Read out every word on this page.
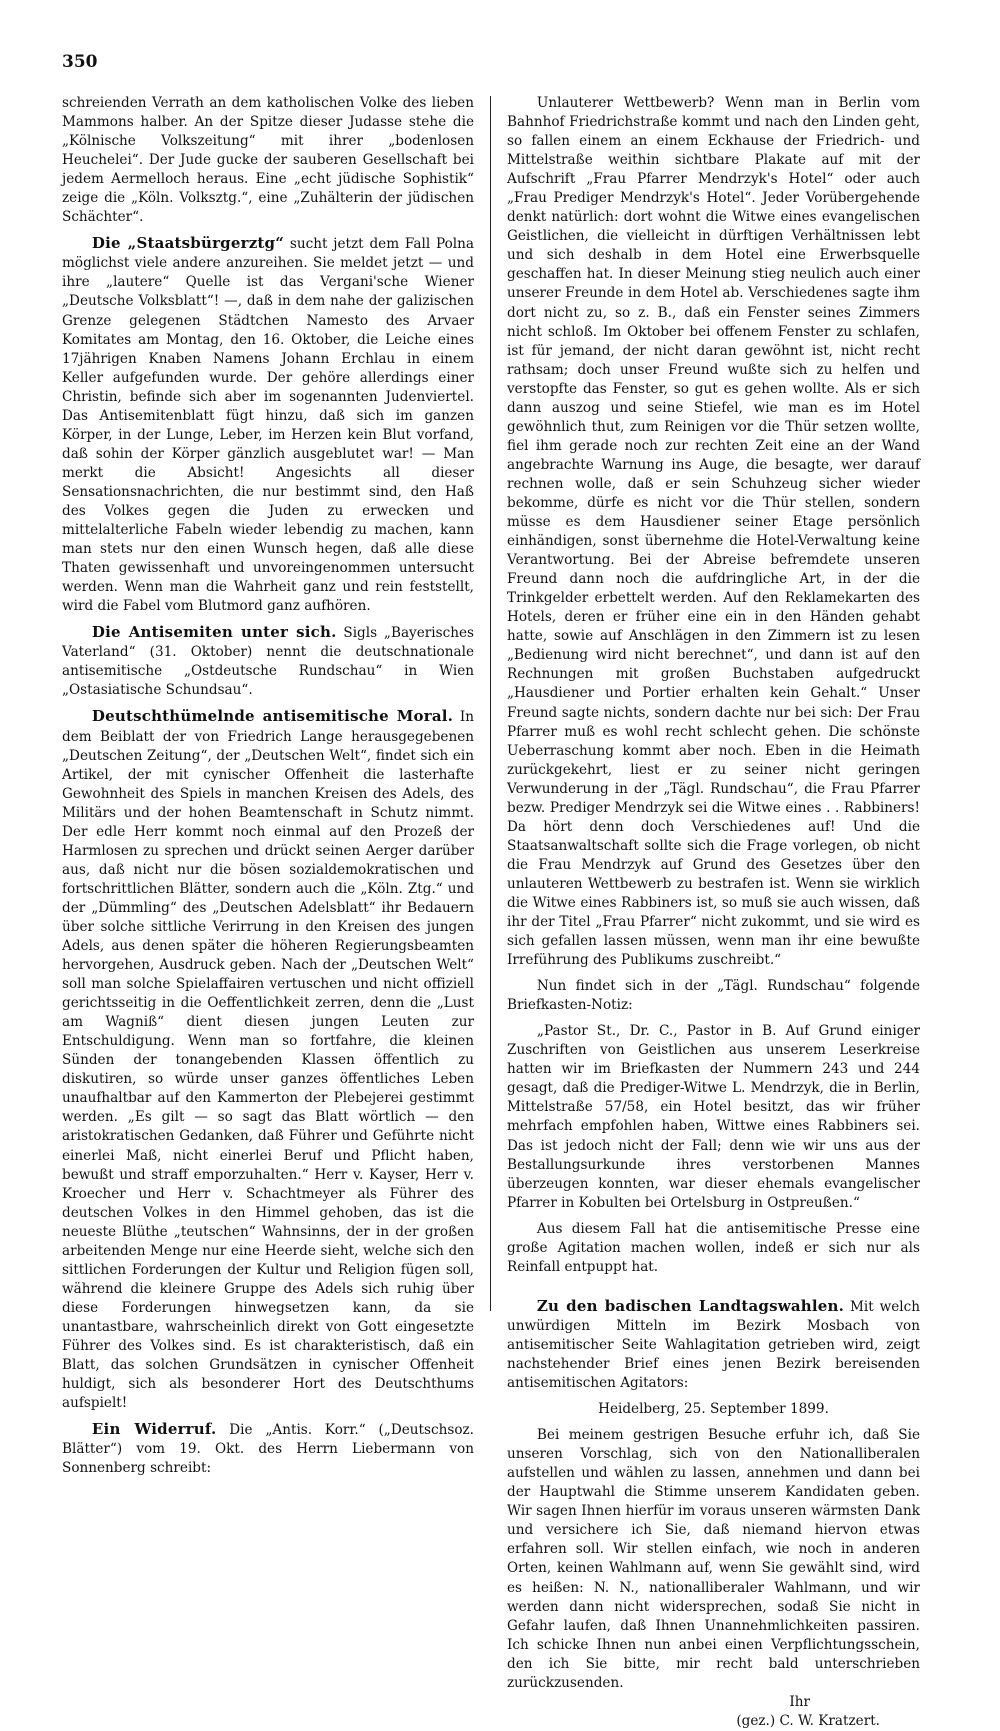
350

schreienden Verrath an dem katholischen Volke des lieben Mammons halber. An der Spitze dieser Judasse stehe die „Kölnische Volkszeitung“ mit ihrer „bodenlosen Heuchelei“. Der Jude gucke der sauberen Gesellschaft bei jedem Aermelloch heraus. Eine „echt jüdische Sophistik“ zeige die „Köln. Volksztg.“, eine „Zuhälterin der jüdischen Schächter“.

Die „Staatsbürgerztg“ sucht jetzt dem Fall Polna möglichst viele andere anzureihen. Sie meldet jetzt — und ihre „lautere“ Quelle ist das Vergani'sche Wiener „Deutsche Volksblatt“! —, daß in dem nahe der galizischen Grenze gelegenen Städtchen Namesto des Arvaer Komitates am Montag, den 16. Oktober, die Leiche eines 17jährigen Knaben Namens Johann Erchlau in einem Keller aufgefunden wurde. Der gehöre allerdings einer Christin, befinde sich aber im sogenannten Judenviertel. Das Antisemitenblatt fügt hinzu, daß sich im ganzen Körper, in der Lunge, Leber, im Herzen kein Blut vorfand, daß sohin der Körper gänzlich ausgeblutet war! — Man merkt die Absicht! Angesichts all dieser Sensationsnachrichten, die nur bestimmt sind, den Haß des Volkes gegen die Juden zu erwecken und mittelalterliche Fabeln wieder lebendig zu machen, kann man stets nur den einen Wunsch hegen, daß alle diese Thaten gewissenhaft und unvoreingenommen untersucht werden. Wenn man die Wahrheit ganz und rein feststellt, wird die Fabel vom Blutmord ganz aufhören.

Die Antisemiten unter sich. Sigls „Bayerisches Vaterland“ (31. Oktober) nennt die deutschnationale antisemitische „Ostdeutsche Rundschau“ in Wien „Ostasiatische Schundsau“.

Deutschthümelnde antisemitische Moral. In dem Beiblatt der von Friedrich Lange herausgegebenen „Deutschen Zeitung“, der „Deutschen Welt“, findet sich ein Artikel, der mit cynischer Offenheit die lasterhafte Gewohnheit des Spiels in manchen Kreisen des Adels, des Militärs und der hohen Beamtenschaft in Schutz nimmt. Der edle Herr kommt noch einmal auf den Prozeß der Harmlosen zu sprechen und drückt seinen Aerger darüber aus, daß nicht nur die bösen sozialdemokratischen und fortschrittlichen Blätter, sondern auch die „Köln. Ztg.“ und der „Dümmling“ des „Deutschen Adelsblatt“ ihr Bedauern über solche sittliche Verirrung in den Kreisen des jungen Adels, aus denen später die höheren Regierungsbeamten hervorgehen, Ausdruck geben. Nach der „Deutschen Welt“ soll man solche Spielaffairen vertuschen und nicht offiziell gerichtsseitig in die Oeffentlichkeit zerren, denn die „Lust am Wagniß“ dient diesen jungen Leuten zur Entschuldigung. Wenn man so fortfahre, die kleinen Sünden der tonangebenden Klassen öffentlich zu diskutiren, so würde unser ganzes öffentliches Leben unaufhaltbar auf den Kammerton der Plebejerei gestimmt werden. „Es gilt — so sagt das Blatt wörtlich — den aristokratischen Gedanken, daß Führer und Geführte nicht einerlei Maß, nicht einerlei Beruf und Pflicht haben, bewußt und straff emporzuhalten.“ Herr v. Kayser, Herr v. Kroecher und Herr v. Schachtmeyer als Führer des deutschen Volkes in den Himmel gehoben, das ist die neueste Blüthe „teutschen“ Wahnsinns, der in der großen arbeitenden Menge nur eine Heerde sieht, welche sich den sittlichen Forderungen der Kultur und Religion fügen soll, während die kleinere Gruppe des Adels sich ruhig über diese Forderungen hinwegsetzen kann, da sie unantastbare, wahrscheinlich direkt von Gott eingesetzte Führer des Volkes sind. Es ist charakteristisch, daß ein Blatt, das solchen Grundsätzen in cynischer Offenheit huldigt, sich als besonderer Hort des Deutschthums aufspielt!

Ein Widerruf. Die „Antis. Korr.“ („Deutschsoz. Blätter“) vom 19. Okt. des Herrn Liebermann von Sonnenberg schreibt:

Unlauterer Wettbewerb? Wenn man in Berlin vom Bahnhof Friedrichstraße kommt und nach den Linden geht, so fallen einem an einem Eckhause der Friedrich- und Mittelstraße weithin sichtbare Plakate auf mit der Aufschrift „Frau Pfarrer Mendrzyk's Hotel“ oder auch „Frau Prediger Mendrzyk's Hotel“. Jeder Vorübergehende denkt natürlich: dort wohnt die Witwe eines evangelischen Geistlichen, die vielleicht in dürftigen Verhältnissen lebt und sich deshalb in dem Hotel eine Erwerbsquelle geschaffen hat. In dieser Meinung stieg neulich auch einer unserer Freunde in dem Hotel ab. Verschiedenes sagte ihm dort nicht zu, so z. B., daß ein Fenster seines Zimmers nicht schloß. Im Oktober bei offenem Fenster zu schlafen, ist für jemand, der nicht daran gewöhnt ist, nicht recht rathsam; doch unser Freund wußte sich zu helfen und verstopfte das Fenster, so gut es gehen wollte. Als er sich dann auszog und seine Stiefel, wie man es im Hotel gewöhnlich thut, zum Reinigen vor die Thür setzen wollte, fiel ihm gerade noch zur rechten Zeit eine an der Wand angebrachte Warnung ins Auge, die besagte, wer darauf rechnen wolle, daß er sein Schuhzeug sicher wieder bekomme, dürfe es nicht vor die Thür stellen, sondern müsse es dem Hausdiener seiner Etage persönlich einhändigen, sonst übernehme die Hotel-Verwaltung keine Verantwortung. Bei der Abreise befremdete unseren Freund dann noch die aufdringliche Art, in der die Trinkgelder erbettelt werden. Auf den Reklamekarten des Hotels, deren er früher eine ein in den Händen gehabt hatte, sowie auf Anschlägen in den Zimmern ist zu lesen „Bedienung wird nicht berechnet“, und dann ist auf den Rechnungen mit großen Buchstaben aufgedruckt „Hausdiener und Portier erhalten kein Gehalt.“ Unser Freund sagte nichts, sondern dachte nur bei sich: Der Frau Pfarrer muß es wohl recht schlecht gehen. Die schönste Ueberraschung kommt aber noch. Eben in die Heimath zurückgekehrt, liest er zu seiner nicht geringen Verwunderung in der „Tägl. Rundschau“, die Frau Pfarrer bezw. Prediger Mendrzyk sei die Witwe eines . . Rabbiners! Da hört denn doch Verschiedenes auf! Und die Staatsanwaltschaft sollte sich die Frage vorlegen, ob nicht die Frau Mendrzyk auf Grund des Gesetzes über den unlauteren Wettbewerb zu bestrafen ist. Wenn sie wirklich die Witwe eines Rabbiners ist, so muß sie auch wissen, daß ihr der Titel „Frau Pfarrer“ nicht zukommt, und sie wird es sich gefallen lassen müssen, wenn man ihr eine bewußte Irreführung des Publikums zuschreibt.“

Nun findet sich in der „Tägl. Rundschau“ folgende Briefkasten-Notiz:

„Pastor St., Dr. C., Pastor in B. Auf Grund einiger Zuschriften von Geistlichen aus unserem Leserkreise hatten wir im Briefkasten der Nummern 243 und 244 gesagt, daß die Prediger-Witwe L. Mendrzyk, die in Berlin, Mittelstraße 57/58, ein Hotel besitzt, das wir früher mehrfach empfohlen haben, Wittwe eines Rabbiners sei. Das ist jedoch nicht der Fall; denn wie wir uns aus der Bestallungsurkunde ihres verstorbenen Mannes überzeugen konnten, war dieser ehemals evangelischer Pfarrer in Kobulten bei Ortelsburg in Ostpreußen.“

Aus diesem Fall hat die antisemitische Presse eine große Agitation machen wollen, indeß er sich nur als Reinfall entpuppt hat.

Zu den badischen Landtagswahlen. Mit welch unwürdigen Mitteln im Bezirk Mosbach von antisemitischer Seite Wahlagitation getrieben wird, zeigt nachstehender Brief eines jenen Bezirk bereisenden antisemitischen Agitators:

Heidelberg, 25. September 1899.

Bei meinem gestrigen Besuche erfuhr ich, daß Sie unseren Vorschlag, sich von den Nationalliberalen aufstellen und wählen zu lassen, annehmen und dann bei der Hauptwahl die Stimme unserem Kandidaten geben. Wir sagen Ihnen hierfür im voraus unseren wärmsten Dank und versichere ich Sie, daß niemand hiervon etwas erfahren soll. Wir stellen einfach, wie noch in anderen Orten, keinen Wahlmann auf, wenn Sie gewählt sind, wird es heißen: N. N., nationalliberaler Wahlmann, und wir werden dann nicht widersprechen, sodaß Sie nicht in Gefahr laufen, daß Ihnen Unannehmlichkeiten passiren. Ich schicke Ihnen nun anbei einen Verpflichtungsschein, den ich Sie bitte, mir recht bald unterschrieben zurückzusenden.

Ihr

(gez.) C. W. Kratzert.
